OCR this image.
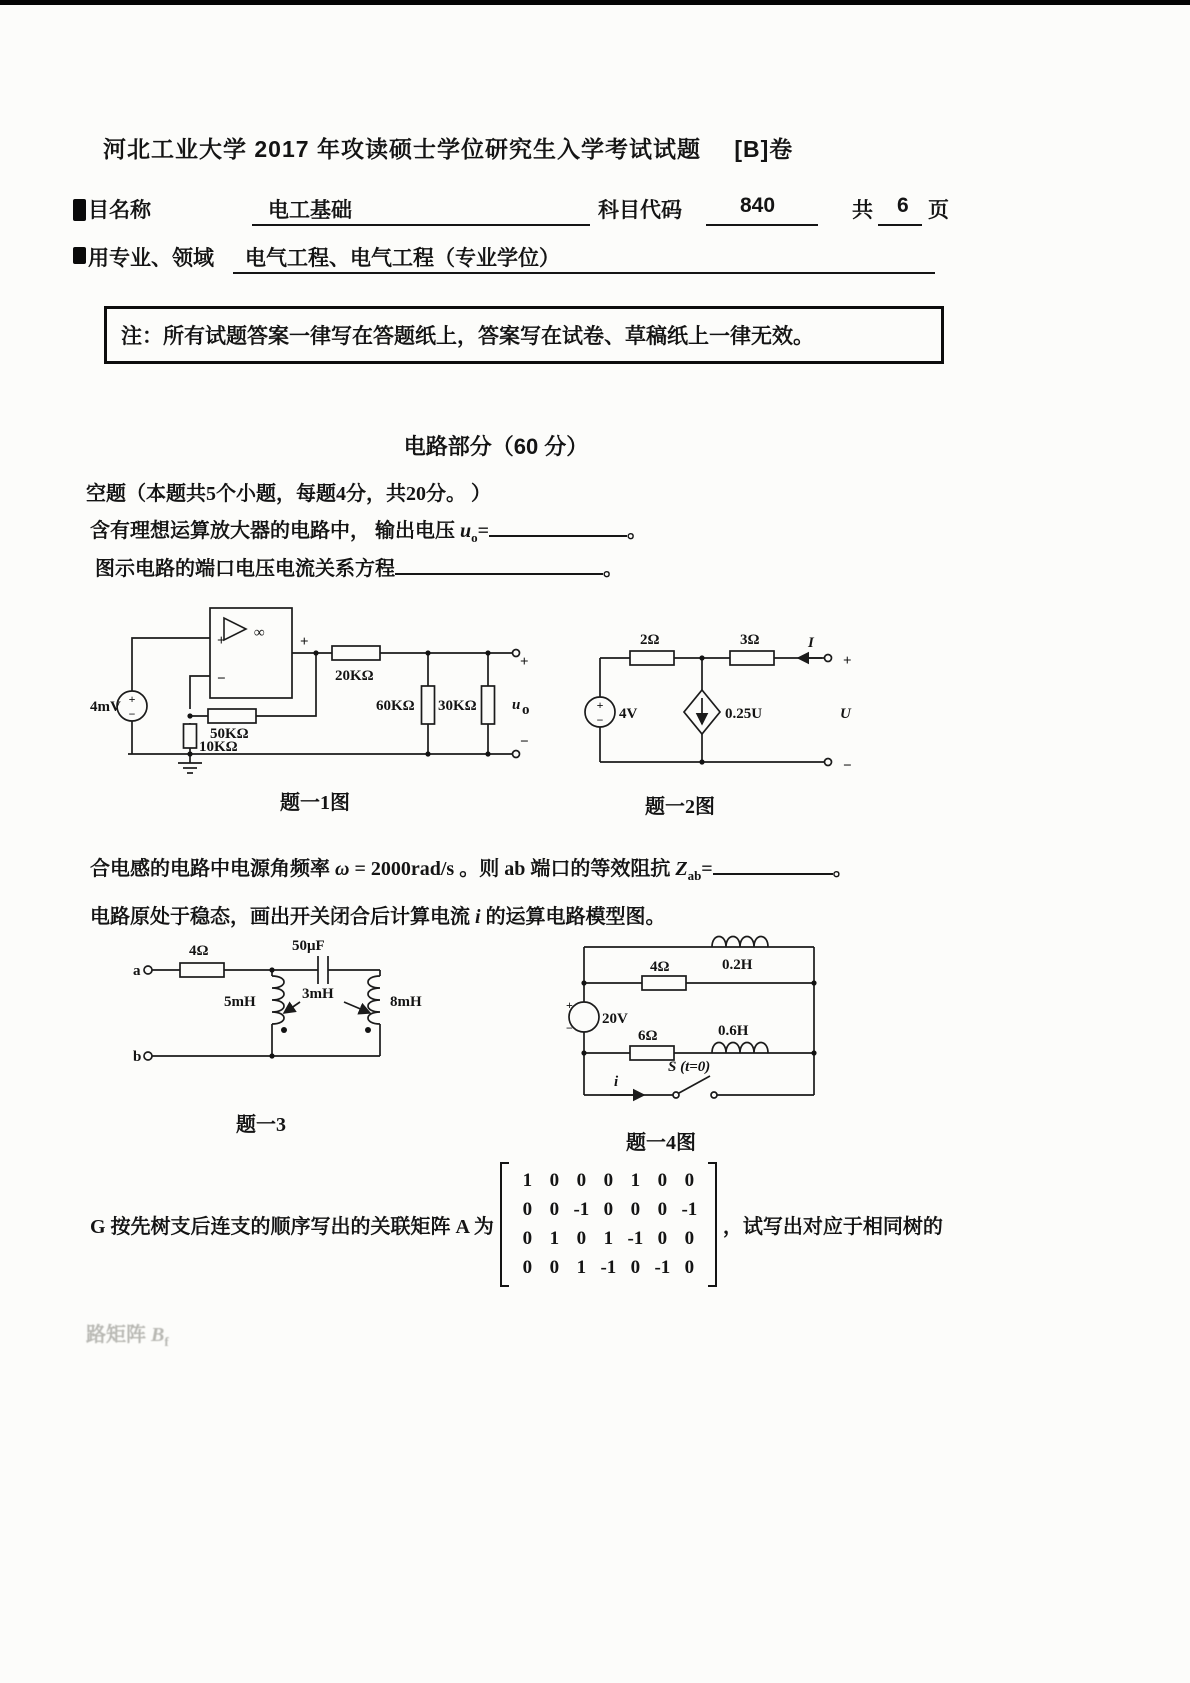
河北工业大学 2017 年攻读硕士学位研究生入学考试试题 [B]卷
目名称	电工基础	科目代码	840	共 6 页
用专业、领域 电气工程、电气工程（专业学位）
注：所有试题答案一律写在答题纸上，答案写在试卷、草稿纸上一律无效。
电路部分（60 分）
空题（本题共5个小题，每题4分，共20分。 ）
含有理想运算放大器的电路中， 输出电压 $u_o=$	。
图示电路的端口电压电流关系方程	。
+
−
4mV
∞
+
−
+
50KΩ
10KΩ
20KΩ
60KΩ 30KΩ
+
u o
−
题一1图
I
2Ω	3Ω
+
− 4V	0.25U
+
U
−
题一2图
合电感的电路中电源角频率 ω = 2000rad/s 。则 ab 端口的等效阻抗 $Z_{ab}=$	。
电路原处于稳态，画出开关闭合后计算电流 i 的运算电路模型图。
a
b
4Ω	50μF
5mH	8mH
3mH
题一3
0.2H
4Ω
6Ω	0.6H
+
−
20V
S (t=0)
i
题一4图
G 按先树支后连支的顺序写出的关联矩阵 A 为
1 0 0 0 1 0 0
0 0 -1 0 0 0 -1
0 1 0 1 -1 0 0
0 0 1 -1 0 -1 0
，试写出对应于相同树的
路矩阵 $B_f$
